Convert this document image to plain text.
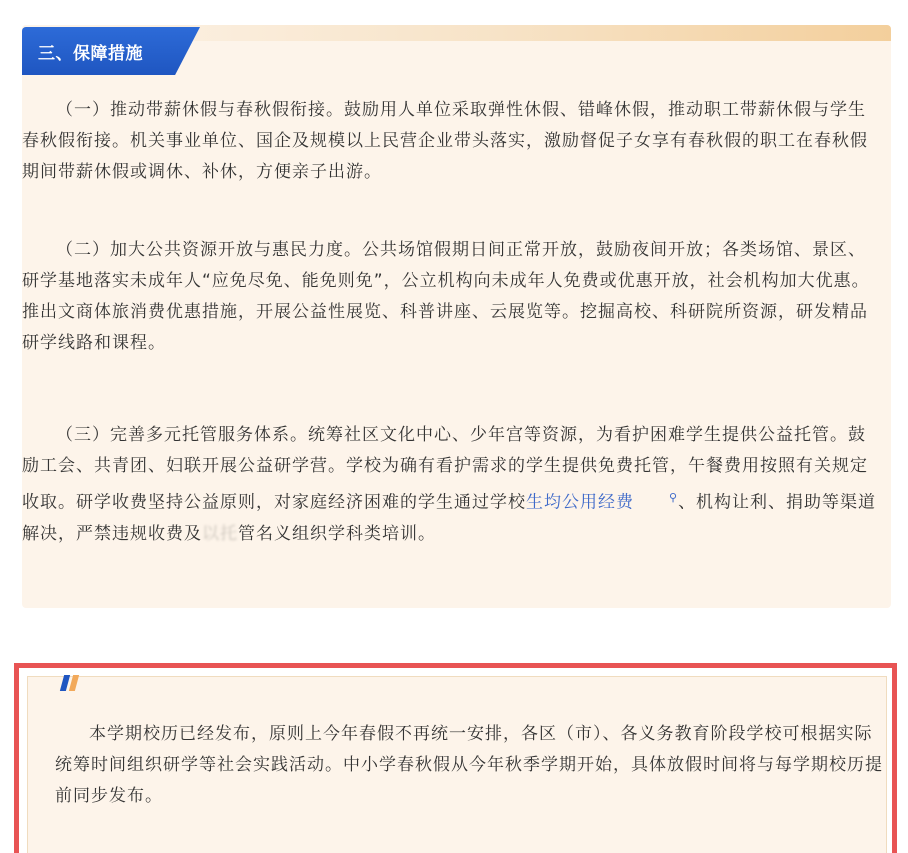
三、保障措施

（一）推动带薪休假与春秋假衔接。鼓励用人单位采取弹性休假、错峰休假，推动职工带薪休假与学生春秋假衔接。机关事业单位、国企及规模以上民营企业带头落实，激励督促子女享有春秋假的职工在春秋假期间带薪休假或调休、补休，方便亲子出游。

（二）加大公共资源开放与惠民力度。公共场馆假期日间正常开放，鼓励夜间开放；各类场馆、景区、研学基地落实未成年人“应免尽免、能免则免”，公立机构向未成年人免费或优惠开放，社会机构加大优惠。推出文商体旅消费优惠措施，开展公益性展览、科普讲座、云展览等。挖掘高校、科研院所资源，研发精品研学线路和课程。

（三）完善多元托管服务体系。统筹社区文化中心、少年宫等资源，为看护困难学生提供公益托管。鼓励工会、共青团、妇联开展公益研学营。学校为确有看护需求的学生提供免费托管，午餐费用按照有关规定收取。研学收费坚持公益原则，对家庭经济困难的学生通过学校生均公用经费	⚲、机构让利、捐助等渠道解决，严禁违规收费及以托管名义组织学科类培训。

本学期校历已经发布，原则上今年春假不再统一安排，各区（市）、各义务教育阶段学校可根据实际统筹时间组织研学等社会实践活动。中小学春秋假从今年秋季学期开始，具体放假时间将与每学期校历提前同步发布。
